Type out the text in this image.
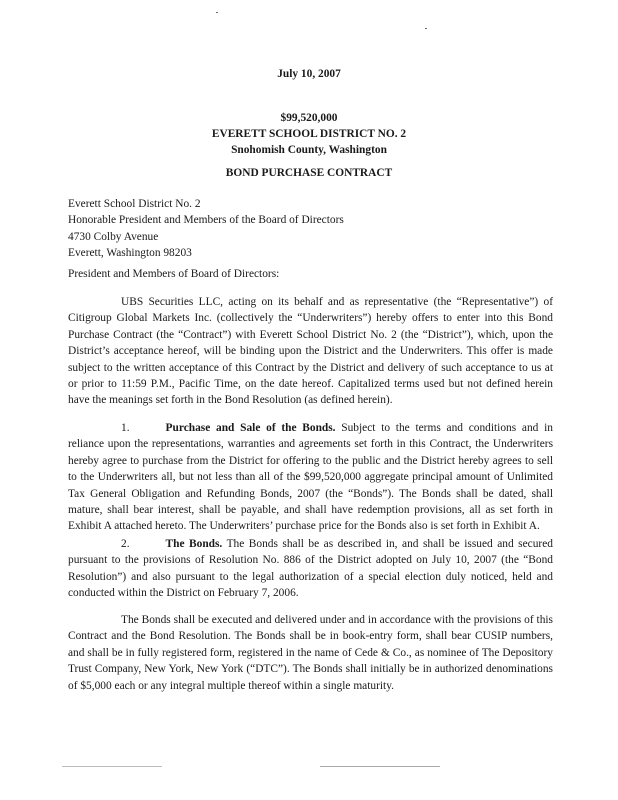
July 10, 2007
$99,520,000
EVERETT SCHOOL DISTRICT NO. 2
Snohomish County, Washington
BOND PURCHASE CONTRACT
Everett School District No. 2
Honorable President and Members of the Board of Directors
4730 Colby Avenue
Everett, Washington 98203
President and Members of Board of Directors:
UBS Securities LLC, acting on its behalf and as representative (the “Representative”) of Citigroup Global Markets Inc. (collectively the “Underwriters”) hereby offers to enter into this Bond Purchase Contract (the “Contract”) with Everett School District No. 2 (the “District”), which, upon the District’s acceptance hereof, will be binding upon the District and the Underwriters. This offer is made subject to the written acceptance of this Contract by the District and delivery of such acceptance to us at or prior to 11:59 P.M., Pacific Time, on the date hereof. Capitalized terms used but not defined herein have the meanings set forth in the Bond Resolution (as defined herein).
1.	Purchase and Sale of the Bonds. Subject to the terms and conditions and in reliance upon the representations, warranties and agreements set forth in this Contract, the Underwriters hereby agree to purchase from the District for offering to the public and the District hereby agrees to sell to the Underwriters all, but not less than all of the $99,520,000 aggregate principal amount of Unlimited Tax General Obligation and Refunding Bonds, 2007 (the “Bonds”). The Bonds shall be dated, shall mature, shall bear interest, shall be payable, and shall have redemption provisions, all as set forth in Exhibit A attached hereto. The Underwriters’ purchase price for the Bonds also is set forth in Exhibit A.
2.	The Bonds. The Bonds shall be as described in, and shall be issued and secured pursuant to the provisions of Resolution No. 886 of the District adopted on July 10, 2007 (the “Bond Resolution”) and also pursuant to the legal authorization of a special election duly noticed, held and conducted within the District on February 7, 2006.
The Bonds shall be executed and delivered under and in accordance with the provisions of this Contract and the Bond Resolution. The Bonds shall be in book-entry form, shall bear CUSIP numbers, and shall be in fully registered form, registered in the name of Cede & Co., as nominee of The Depository Trust Company, New York, New York (“DTC”). The Bonds shall initially be in authorized denominations of $5,000 each or any integral multiple thereof within a single maturity.
